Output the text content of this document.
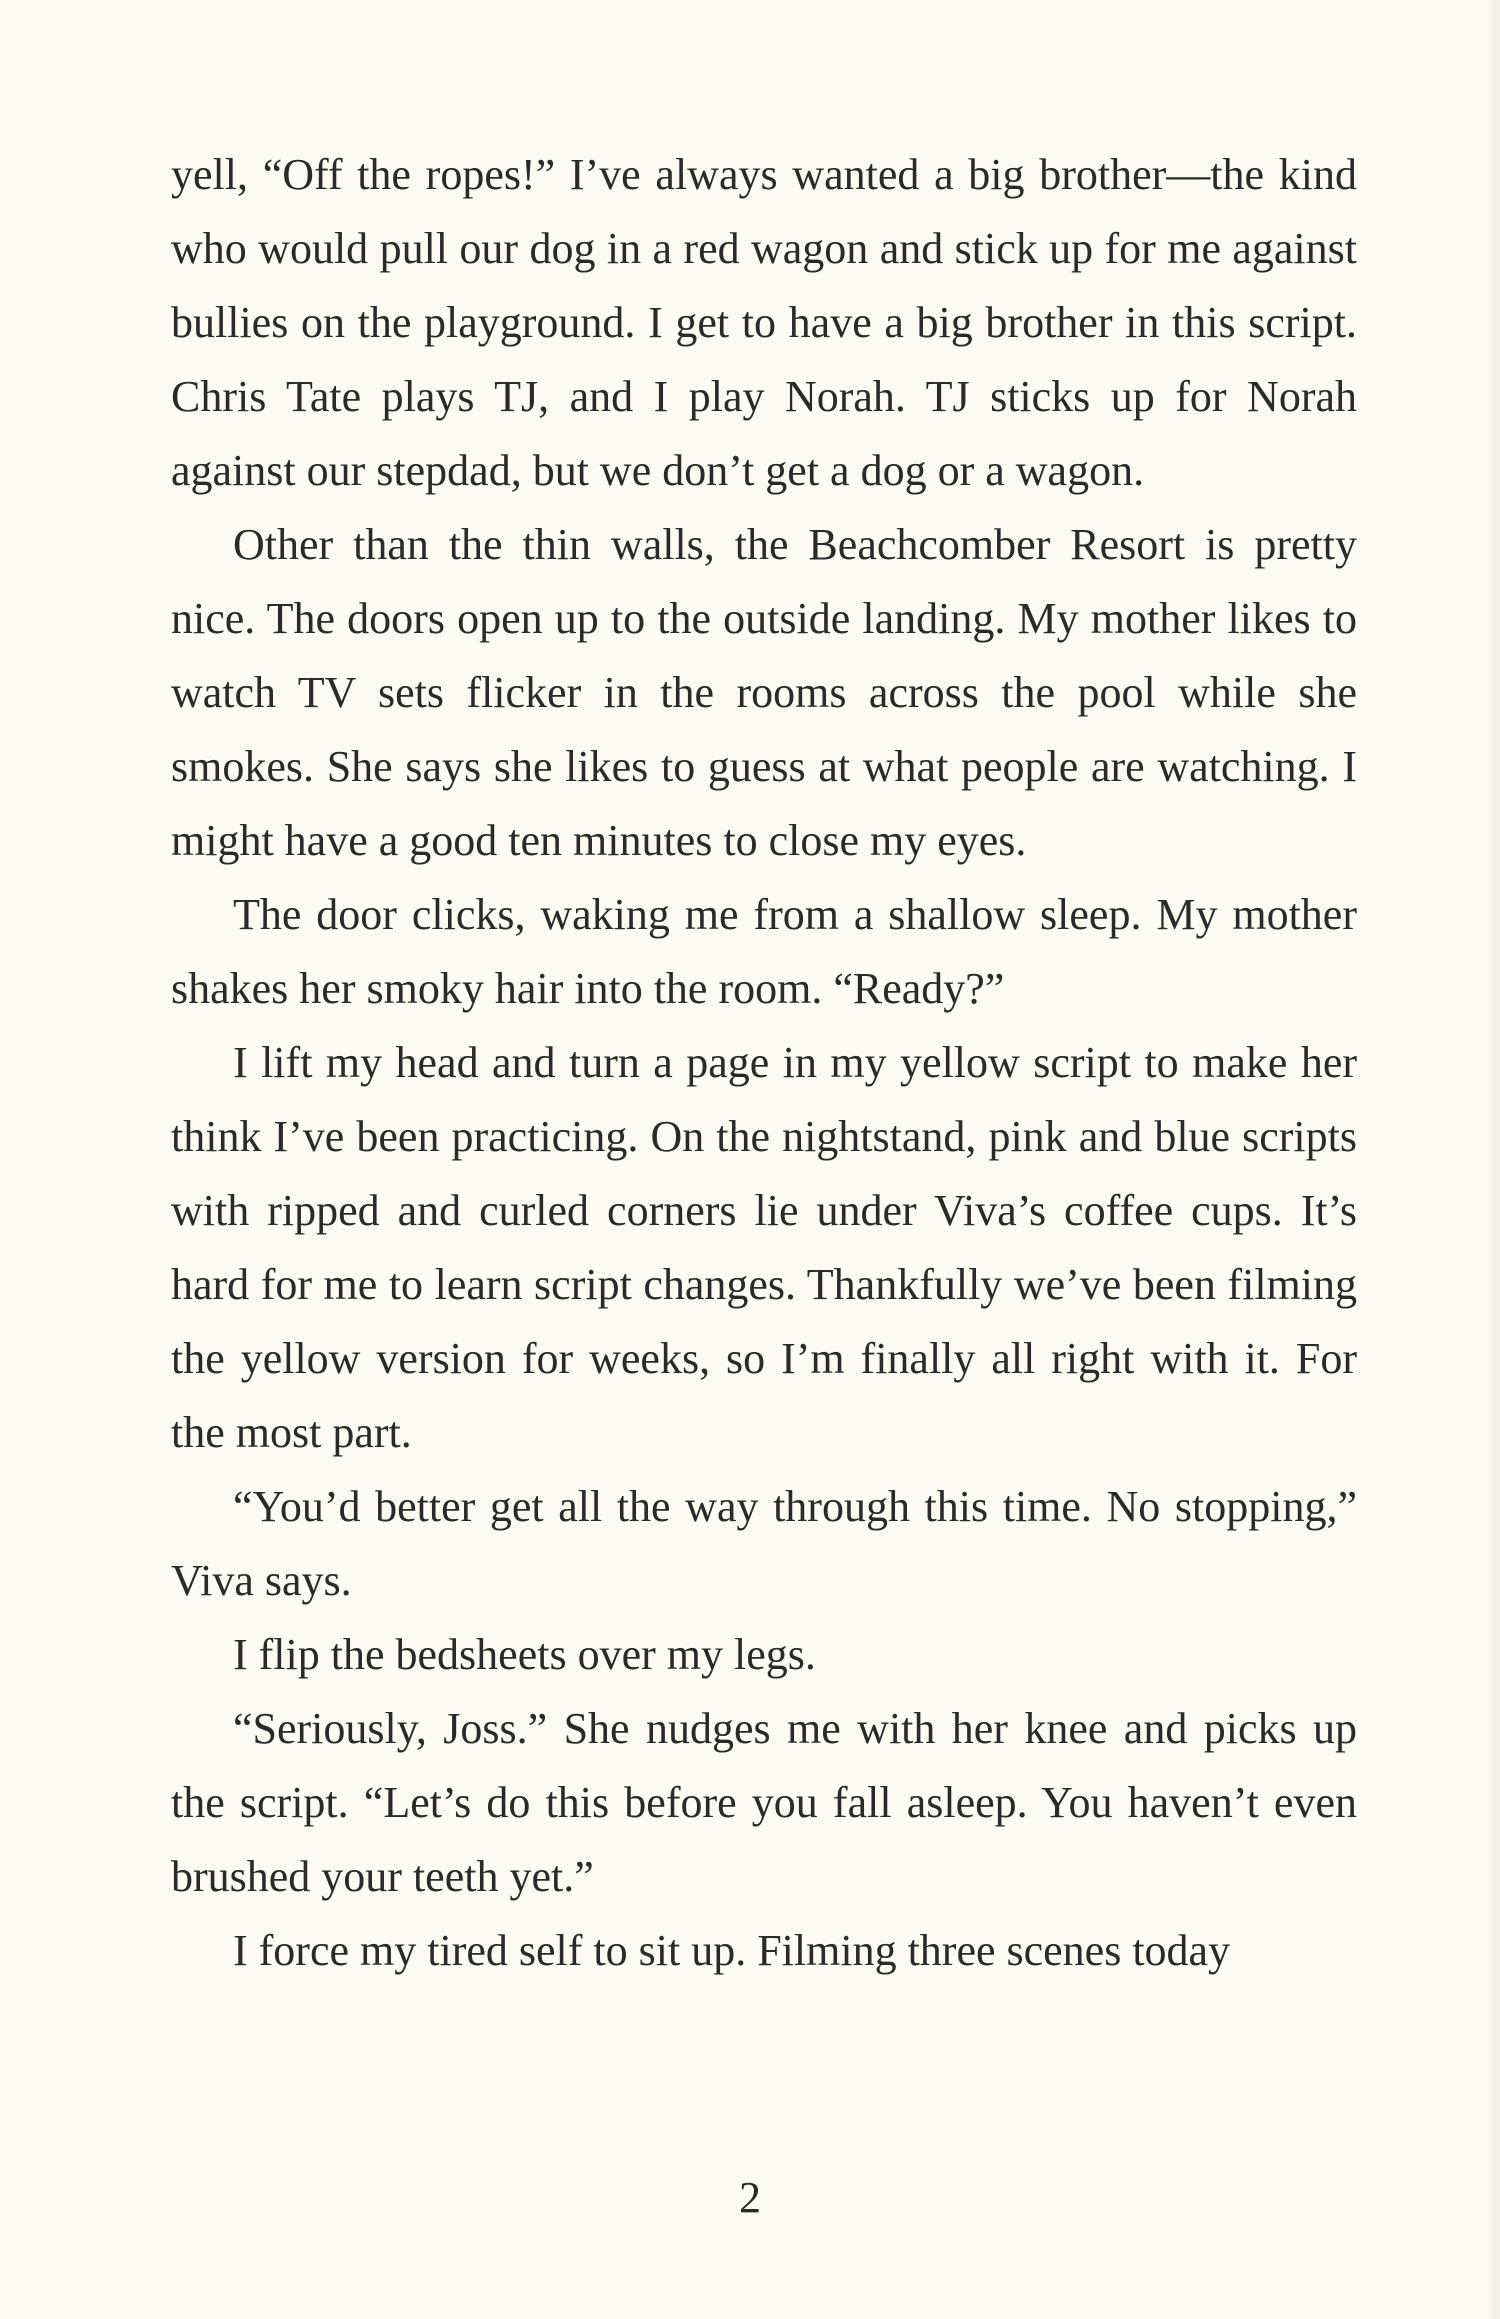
yell, “Off the ropes!” I’ve always wanted a big brother—the kind who would pull our dog in a red wagon and stick up for me against bullies on the playground. I get to have a big brother in this script. Chris Tate plays TJ, and I play Norah. TJ sticks up for Norah against our stepdad, but we don’t get a dog or a wagon.

Other than the thin walls, the Beachcomber Resort is pretty nice. The doors open up to the outside landing. My mother likes to watch TV sets flicker in the rooms across the pool while she smokes. She says she likes to guess at what people are watching. I might have a good ten minutes to close my eyes.

The door clicks, waking me from a shallow sleep. My mother shakes her smoky hair into the room. “Ready?”

I lift my head and turn a page in my yellow script to make her think I’ve been practicing. On the nightstand, pink and blue scripts with ripped and curled corners lie under Viva’s coffee cups. It’s hard for me to learn script changes. Thankfully we’ve been filming the yellow version for weeks, so I’m finally all right with it. For the most part.

“You’d better get all the way through this time. No stopping,” Viva says.

I flip the bedsheets over my legs.

“Seriously, Joss.” She nudges me with her knee and picks up the script. “Let’s do this before you fall asleep. You haven’t even brushed your teeth yet.”

I force my tired self to sit up. Filming three scenes today

2
